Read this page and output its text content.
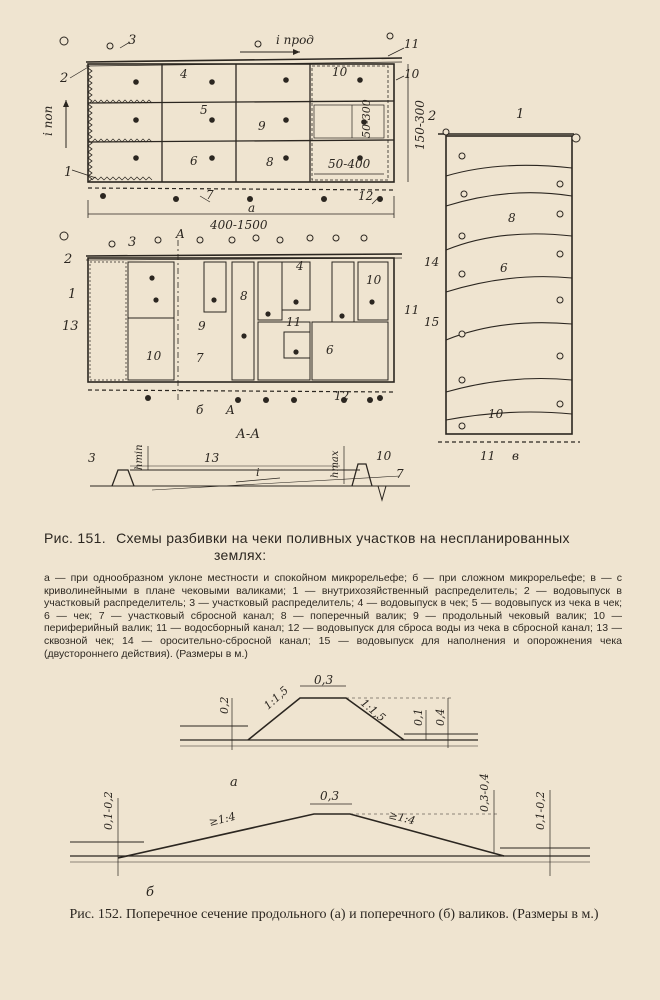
3
2
1
i прод
i поп
4
5
6
7
8
9
10
11
10
12
а
400-1500
150-300
50-300
50-400
2
3
A
1
13
4
8
9	11
6
10
10	7
11
12
б A
2	1
8
6
14
15
10
11 в
А-А
3	13	10
7
i
hmin	hmax
0,3
1:1,5	1:1,5
0,2
0,1 0,4
а
0,3
≥1:4	≥1:4
0,1-0,2	0,3-0,4	0,1-0,2
б
Рис. 151. Схемы разбивки на чеки поливных участков на неспланированных
землях:
а — при однообразном уклоне местности и спокойном микрорельефе; б — при сложном микрорельефе; в — с криволинейными в плане чековыми валиками; 1 — внутрихозяйственный распределитель; 2 — водовыпуск в участковый распределитель; 3 — участковый распределитель; 4 — водовыпуск в чек; 5 — водовыпуск из чека в чек; 6 — чек; 7 — участковый сбросной канал; 8 — поперечный валик; 9 — продольный чековый валик; 10 — периферийный валик; 11 — водосборный канал; 12 — водовыпуск для сброса воды из чека в сбросной канал; 13 — сквозной чек; 14 — оросительно-сбросной канал; 15 — водовыпуск для наполнения и опорожнения чека (двустороннего действия). (Размеры в м.)
Рис. 152. Поперечное сечение продольного (а) и поперечного (б) валиков. (Размеры в м.)
